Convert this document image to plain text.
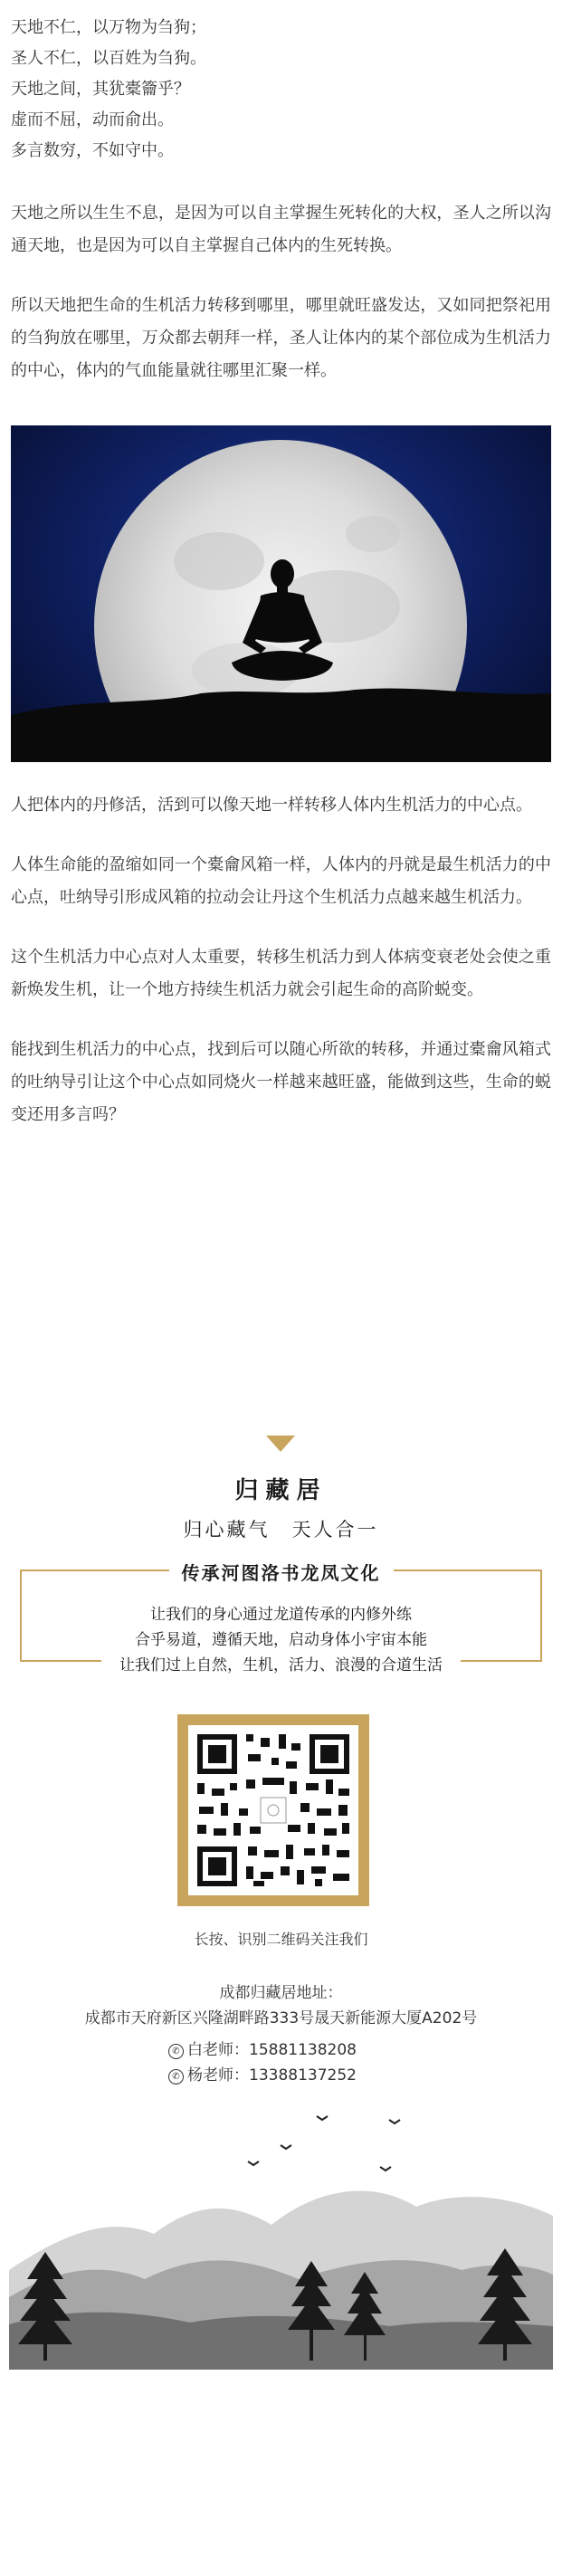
天地不仁，以万物为刍狗；

圣人不仁，以百姓为刍狗。

天地之间，其犹橐籥乎？

虚而不屈，动而俞出。

多言数穷，不如守中。

天地之所以生生不息，是因为可以自主掌握生死转化的大权，圣人之所以沟通天地，也是因为可以自主掌握自己体内的生死转换。

所以天地把生命的生机活力转移到哪里，哪里就旺盛发达，又如同把祭祀用的刍狗放在哪里，万众都去朝拜一样，圣人让体内的某个部位成为生机活力的中心，体内的气血能量就往哪里汇聚一样。

人把体内的丹修活，活到可以像天地一样转移人体内生机活力的中心点。

人体生命能的盈缩如同一个橐龠风箱一样，人体内的丹就是最生机活力的中心点，吐纳导引形成风箱的拉动会让丹这个生机活力点越来越生机活力。

这个生机活力中心点对人太重要，转移生机活力到人体病变衰老处会使之重新焕发生机，让一个地方持续生机活力就会引起生命的高阶蜕变。

能找到生机活力的中心点，找到后可以随心所欲的转移，并通过橐龠风箱式的吐纳导引让这个中心点如同烧火一样越来越旺盛，能做到这些，生命的蜕变还用多言吗？

归藏居
归心藏气　天人合一
传承河图洛书龙凤文化
让我们的身心通过龙道传承的内修外练
合乎易道，遵循天地，启动身体小宇宙本能
让我们过上自然，生机，活力、浪漫的合道生活
长按、识别二维码关注我们
成都归藏居地址：
成都市天府新区兴隆湖畔路333号晟天新能源大厦A202号
✆ 白老师：15881138208
✆ 杨老师：13388137252
